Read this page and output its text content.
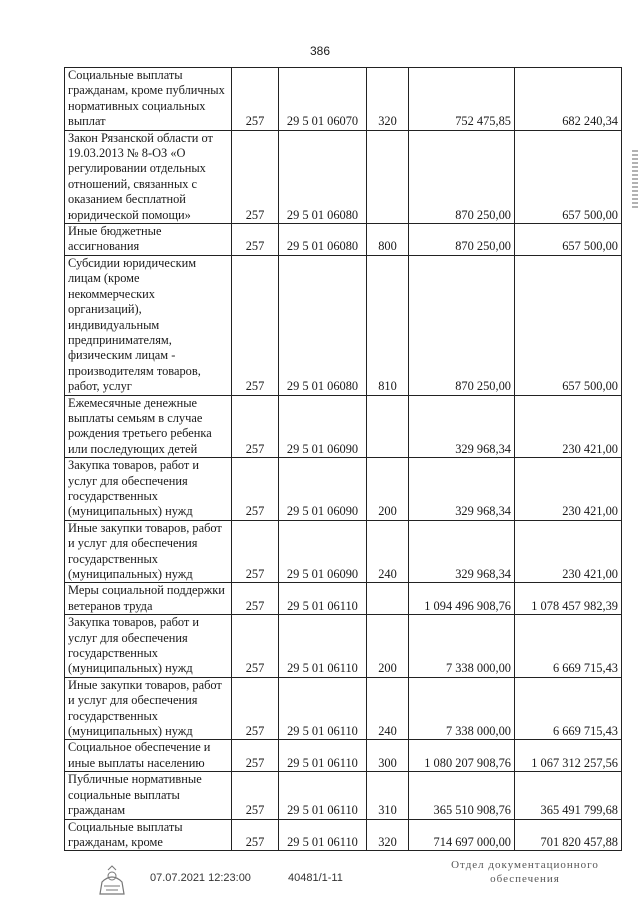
386
Социальные выплаты гражданам, кроме публичных нормативных социальных выплат	257	29 5 01 06070	320	752 475,85	682 240,34
Закон Рязанской области от 19.03.2013 № 8-ОЗ «О регулировании отдельных отношений, связанных с оказанием бесплатной юридической помощи»	257	29 5 01 06080		870 250,00	657 500,00
Иные бюджетные ассигнования	257	29 5 01 06080	800	870 250,00	657 500,00
Субсидии юридическим лицам (кроме некоммерческих организаций), индивидуальным предпринимателям, физическим лицам - производителям товаров, работ, услуг	257	29 5 01 06080	810	870 250,00	657 500,00
Ежемесячные денежные выплаты семьям в случае рождения третьего ребенка или последующих детей	257	29 5 01 06090		329 968,34	230 421,00
Закупка товаров, работ и услуг для обеспечения государственных (муниципальных) нужд	257	29 5 01 06090	200	329 968,34	230 421,00
Иные закупки товаров, работ и услуг для обеспечения государственных (муниципальных) нужд	257	29 5 01 06090	240	329 968,34	230 421,00
Меры социальной поддержки ветеранов труда	257	29 5 01 06110		1 094 496 908,76	1 078 457 982,39
Закупка товаров, работ и услуг для обеспечения государственных (муниципальных) нужд	257	29 5 01 06110	200	7 338 000,00	6 669 715,43
Иные закупки товаров, работ и услуг для обеспечения государственных (муниципальных) нужд	257	29 5 01 06110	240	7 338 000,00	6 669 715,43
Социальное обеспечение и иные выплаты населению	257	29 5 01 06110	300	1 080 207 908,76	1 067 312 257,56
Публичные нормативные социальные выплаты гражданам	257	29 5 01 06110	310	365 510 908,76	365 491 799,68
Социальные выплаты гражданам, кроме	257	29 5 01 06110	320	714 697 000,00	701 820 457,88
07.07.2021 12:23:00	40481/1-11
Отдел документационного
обеспечения
